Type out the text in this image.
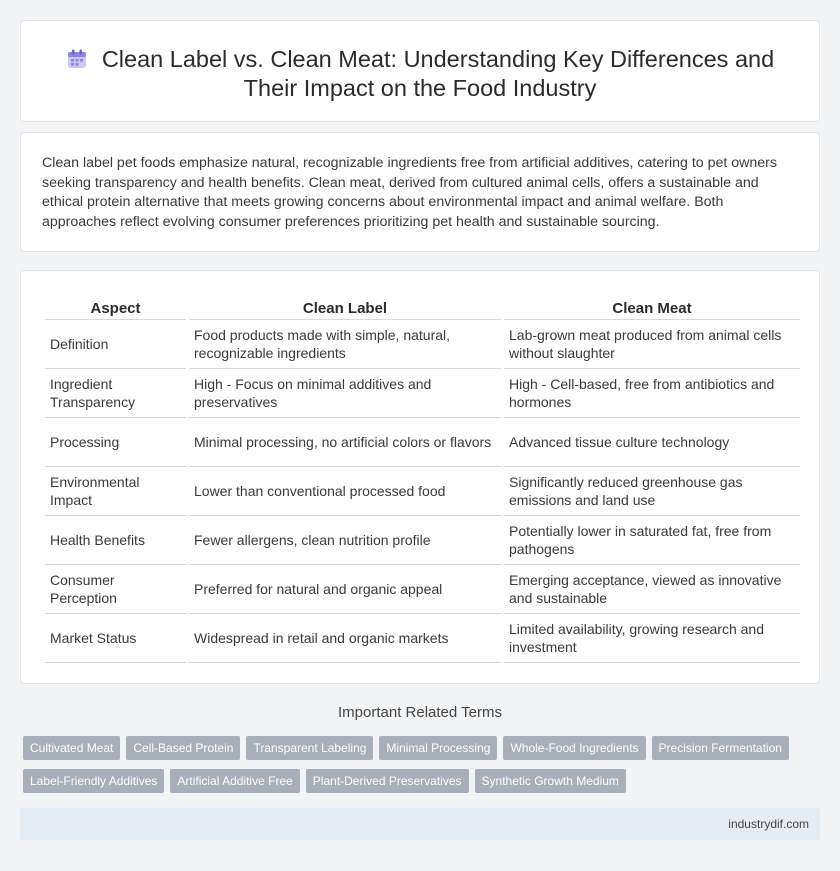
Clean Label vs. Clean Meat: Understanding Key Differences and
Their Impact on the Food Industry

Clean label pet foods emphasize natural, recognizable ingredients free from artificial additives, catering to pet owners seeking transparency and health benefits. Clean meat, derived from cultured animal cells, offers a sustainable and ethical protein alternative that meets growing concerns about environmental impact and animal welfare. Both approaches reflect evolving consumer preferences prioritizing pet health and sustainable sourcing.

Aspect	Clean Label	Clean Meat
Definition	Food products made with simple, natural, recognizable ingredients	Lab-grown meat produced from animal cells without slaughter
Ingredient Transparency	High - Focus on minimal additives and preservatives	High - Cell-based, free from antibiotics and hormones
Processing	Minimal processing, no artificial colors or flavors	Advanced tissue culture technology
Environmental Impact	Lower than conventional processed food	Significantly reduced greenhouse gas emissions and land use
Health Benefits	Fewer allergens, clean nutrition profile	Potentially lower in saturated fat, free from pathogens
Consumer Perception	Preferred for natural and organic appeal	Emerging acceptance, viewed as innovative and sustainable
Market Status	Widespread in retail and organic markets	Limited availability, growing research and investment
Important Related Terms
Cultivated Meat	Cell-Based Protein	Transparent Labeling	Minimal Processing	Whole-Food Ingredients	Precision Fermentation
Label-Friendly Additives	Artificial Additive Free	Plant-Derived Preservatives	Synthetic Growth Medium
industrydif.com
